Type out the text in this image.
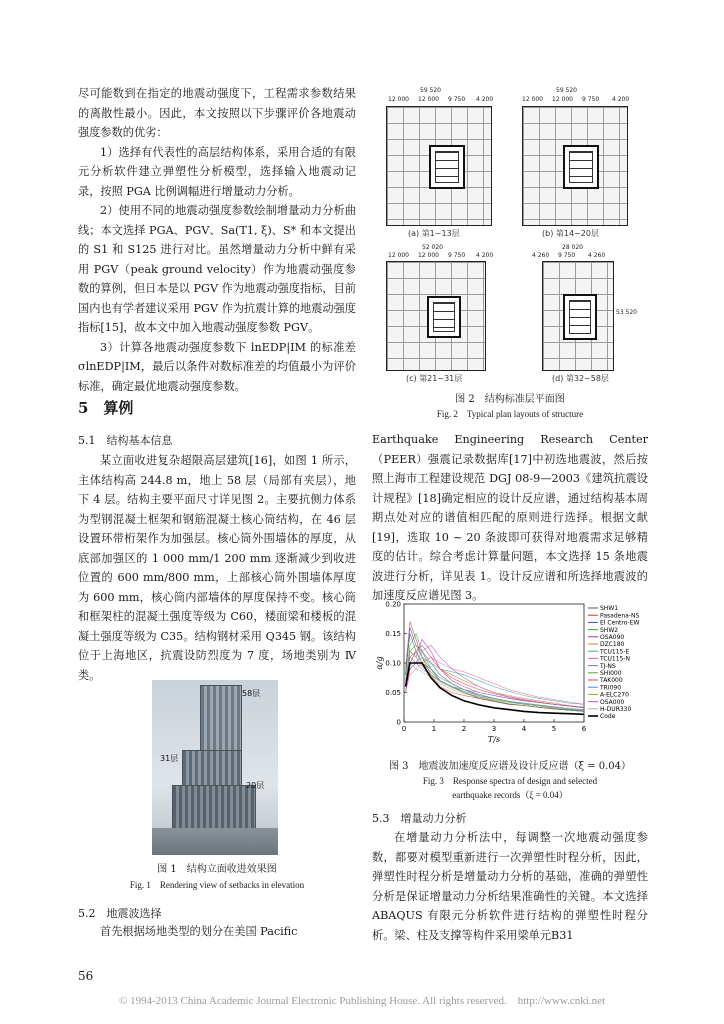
尽可能数到在指定的地震动强度下，工程需求参数结果的离散性最小。因此，本文按照以下步骤评价各地震动强度参数的优劣：

1）选择有代表性的高层结构体系，采用合适的有限元分析软件建立弹塑性分析模型，选择输入地震动记录，按照 PGA 比例调幅进行增量动力分析。

2）使用不同的地震动强度参数绘制增量动力分析曲线；本文选择 PGA、PGV、Sa(T1, ξ)、S* 和本文提出的 S1 和 S125 进行对比。虽然增量动力分析中鲜有采用 PGV（peak ground velocity）作为地震动强度参数的算例，但日本是以 PGV 作为地震动强度指标，目前国内也有学者建议采用 PGV 作为抗震计算的地震动强度指标[15]，故本文中加入地震动强度参数 PGV。

3）计算各地震动强度参数下 lnEDP|IM 的标准差 σlnEDP|IM，最后以条件对数标准差的均值最小为评价标准，确定最优地震动强度参数。

5　算例
5.1　结构基本信息

某立面收进复杂超限高层建筑[16]，如图 1 所示，主体结构高 244.8 m，地上 58 层（局部有夹层），地下 4 层。结构主要平面尺寸详见图 2。主要抗侧力体系为型钢混凝土框架和钢筋混凝土核心筒结构，在 46 层设置环带桁架作为加强层。核心筒外围墙体的厚度，从底部加强区的 1 000 mm/1 200 mm 逐渐减少到收进位置的 600 mm/800 mm，上部核心筒外围墙体厚度为 600 mm，核心筒内部墙体的厚度保持不变。核心筒和框架柱的混凝土强度等级为 C60，楼面梁和楼板的混凝土强度等级为 C35。结构钢材采用 Q345 钢。该结构位于上海地区，抗震设防烈度为 7 度，场地类别为 Ⅳ 类。

58层
31层
20层
图 1　结构立面收进效果图
Fig. 1　Rendering view of setbacks in elevation
5.2　地震波选择

首先根据场地类型的划分在美国 Pacific

56
59 520
12 000 12 000 9 750 4 200
(a) 第1~13层
59 520
12 000 12 000 9 750 4 200
(b) 第14~20层
52 020
12 000 12 000 9 750 4 200
(c) 第21~31层
28 020
4 260 9 750 4 260
53 520
(d) 第32~58层
图 2　结构标准层平面图
Fig. 2　Typical plan layouts of structure

Earthquake Engineering Research Center（PEER）强震记录数据库[17]中初选地震波，然后按照上海市工程建设规范 DGJ 08-9—2003《建筑抗震设计规程》[18]确定相应的设计反应谱，通过结构基本周期点处对应的谱值相匹配的原则进行选择。根据文献[19]，选取 10 ~ 20 条波即可获得对地震需求足够精度的估计。综合考虑计算量问题，本文选择 15 条地震波进行分析，详见表 1。设计反应谱和所选择地震波的加速度反应谱见图 3。

0
0.05
0.10
0.15
0.20
0	1	2	3	4	5	6
T/s
α/g
SHW1
Pasadena-NS
El Centro-EW
SHW2
OSA090
DZC180
TCU115-E
TCU115-N
TJ-NS
SHI000
TAK000
TRI090
A-ELC270
OSA000
H-DUR330
Code
图 3　地震波加速度反应谱及设计反应谱（ξ = 0.04）
Fig. 3　Response spectra of design and selected
earthquake records（ξ = 0.04）
5.3　增量动力分析

在增量动力分析法中，每调整一次地震动强度参数，都要对模型重新进行一次弹塑性时程分析，因此，弹塑性时程分析是增量动力分析的基础，准确的弹塑性分析是保证增量动力分析结果准确性的关键。本文选择 ABAQUS 有限元分析软件进行结构的弹塑性时程分析。梁、柱及支撑等构件采用梁单元B31

© 1994-2013 China Academic Journal Electronic Publishing House. All rights reserved.　http://www.cnki.net
